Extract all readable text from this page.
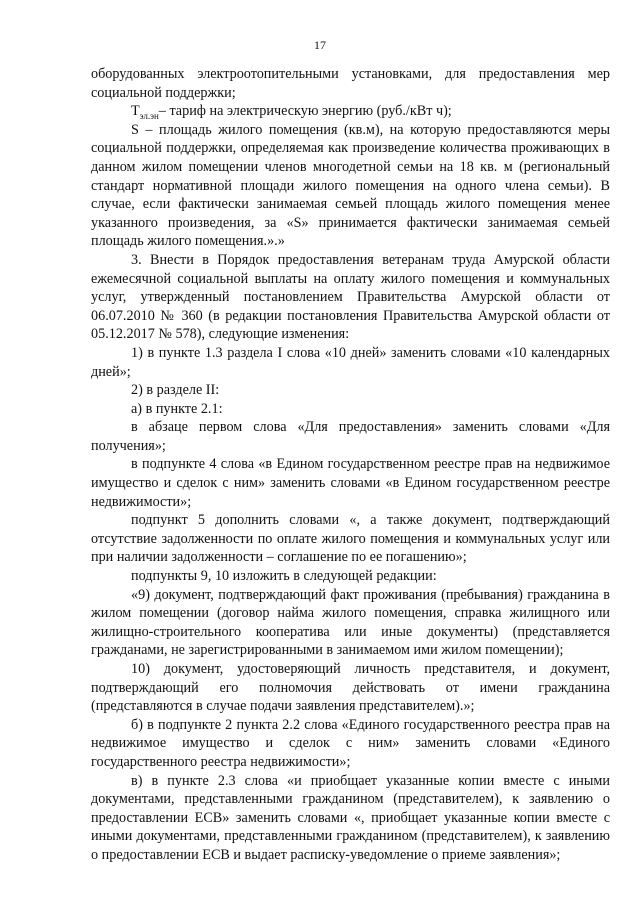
17

оборудованных электроотопительными установками, для предоставления мер социальной поддержки;

$Т_{эл.эн}-$ тариф на электрическую энергию (руб./кВт ч);

S – площадь жилого помещения (кв.м), на которую предоставляются меры социальной поддержки, определяемая как произведение количества проживающих в данном жилом помещении членов многодетной семьи на 18 кв. м (региональный стандарт нормативной площади жилого помещения на одного члена семьи). В случае, если фактически занимаемая семьей площадь жилого помещения менее указанного произведения, за «S» принимается фактически занимаемая семьей площадь жилого помещения.».»

3. Внести в Порядок предоставления ветеранам труда Амурской области ежемесячной социальной выплаты на оплату жилого помещения и коммунальных услуг, утвержденный постановлением Правительства Амурской области от 06.07.2010 № 360 (в редакции постановления Правительства Амурской области от 05.12.2017 № 578), следующие изменения:

1) в пункте 1.3 раздела I слова «10 дней» заменить словами «10 календарных дней»;

2) в разделе II:

а) в пункте 2.1:

в абзаце первом слова «Для предоставления» заменить словами «Для получения»;

в подпункте 4 слова «в Едином государственном реестре прав на недвижимое имущество и сделок с ним» заменить словами «в Едином государственном реестре недвижимости»;

подпункт 5 дополнить словами «, а также документ, подтверждающий отсутствие задолженности по оплате жилого помещения и коммунальных услуг или при наличии задолженности – соглашение по ее погашению»;

подпункты 9, 10 изложить в следующей редакции:

«9) документ, подтверждающий факт проживания (пребывания) гражданина в жилом помещении (договор найма жилого помещения, справка жилищного или жилищно-строительного кооператива или иные документы) (представляется гражданами, не зарегистрированными в занимаемом ими жилом помещении);

10) документ, удостоверяющий личность представителя, и документ, подтверждающий его полномочия действовать от имени гражданина (представляются в случае подачи заявления представителем).»;

б) в подпункте 2 пункта 2.2 слова «Единого государственного реестра прав на недвижимое имущество и сделок с ним» заменить словами «Единого государственного реестра недвижимости»;

в) в пункте 2.3 слова «и приобщает указанные копии вместе с иными документами, представленными гражданином (представителем), к заявлению о предоставлении ЕСВ» заменить словами «, приобщает указанные копии вместе с иными документами, представленными гражданином (представителем), к заявлению о предоставлении ЕСВ и выдает расписку-уведомление о приеме заявления»;
